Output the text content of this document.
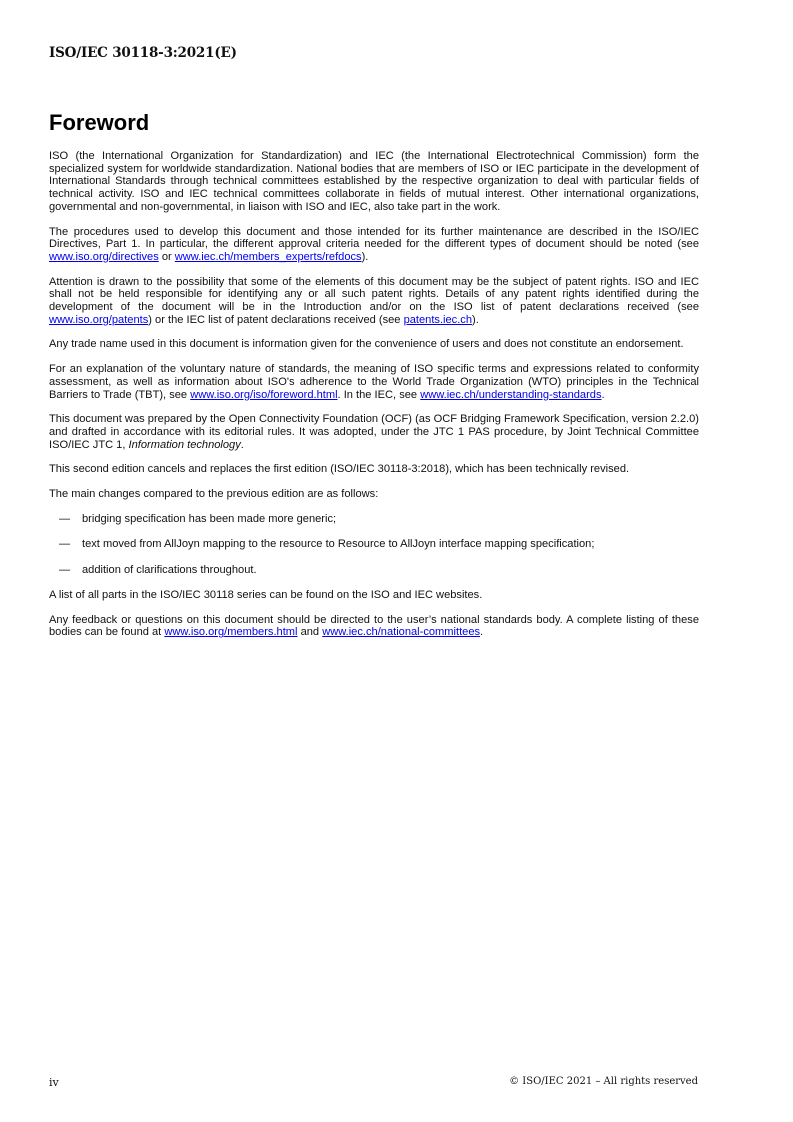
ISO/IEC 30118-3:2021(E)
Foreword

ISO (the International Organization for Standardization) and IEC (the International Electrotechnical Commission) form the specialized system for worldwide standardization. National bodies that are members of ISO or IEC participate in the development of International Standards through technical committees established by the respective organization to deal with particular fields of technical activity. ISO and IEC technical committees collaborate in fields of mutual interest. Other international organizations, governmental and non-governmental, in liaison with ISO and IEC, also take part in the work.

The procedures used to develop this document and those intended for its further maintenance are described in the ISO/IEC Directives, Part 1. In particular, the different approval criteria needed for the different types of document should be noted (see www.iso.org/directives or www.iec.ch/members_experts/refdocs).

Attention is drawn to the possibility that some of the elements of this document may be the subject of patent rights. ISO and IEC shall not be held responsible for identifying any or all such patent rights. Details of any patent rights identified during the development of the document will be in the Introduction and/or on the ISO list of patent declarations received (see www.iso.org/patents) or the IEC list of patent declarations received (see patents.iec.ch).

Any trade name used in this document is information given for the convenience of users and does not constitute an endorsement.

For an explanation of the voluntary nature of standards, the meaning of ISO specific terms and expressions related to conformity assessment, as well as information about ISO's adherence to the World Trade Organization (WTO) principles in the Technical Barriers to Trade (TBT), see www.iso.org/iso/foreword.html. In the IEC, see www.iec.ch/understanding-standards.

This document was prepared by the Open Connectivity Foundation (OCF) (as OCF Bridging Framework Specification, version 2.2.0) and drafted in accordance with its editorial rules. It was adopted, under the JTC 1 PAS procedure, by Joint Technical Committee ISO/IEC JTC 1, Information technology.

This second edition cancels and replaces the first edition (ISO/IEC 30118-3:2018), which has been technically revised.

The main changes compared to the previous edition are as follows:

—	bridging specification has been made more generic;
—	text moved from AllJoyn mapping to the resource to Resource to AllJoyn interface mapping specification;
—	addition of clarifications throughout.

A list of all parts in the ISO/IEC 30118 series can be found on the ISO and IEC websites.

Any feedback or questions on this document should be directed to the user’s national standards body. A complete listing of these bodies can be found at www.iso.org/members.html and www.iec.ch/national-committees.

iv	© ISO/IEC 2021 – All rights reserved
